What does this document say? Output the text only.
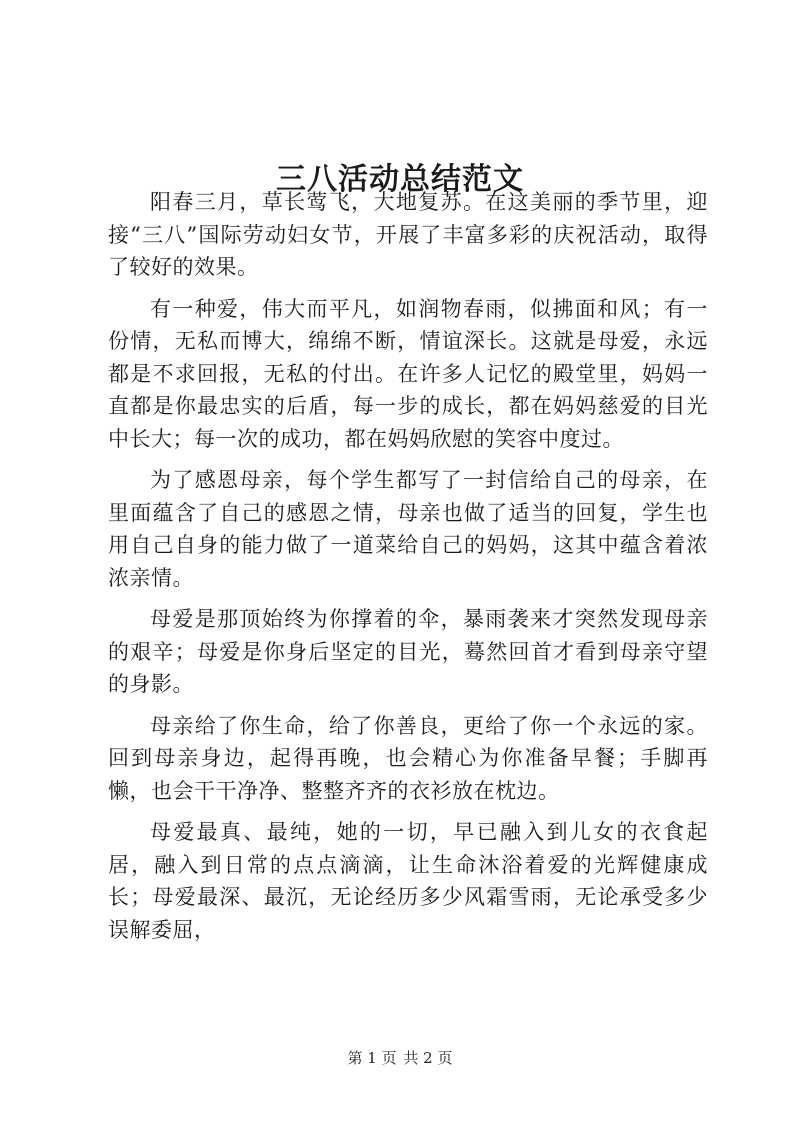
三八活动总结范文

阳春三月，草长莺飞，大地复苏。在这美丽的季节里，迎接“三八”国际劳动妇女节，开展了丰富多彩的庆祝活动，取得了较好的效果。

有一种爱，伟大而平凡，如润物春雨，似拂面和风；有一份情，无私而博大，绵绵不断，情谊深长。这就是母爱，永远都是不求回报，无私的付出。在许多人记忆的殿堂里，妈妈一直都是你最忠实的后盾，每一步的成长，都在妈妈慈爱的目光中长大；每一次的成功，都在妈妈欣慰的笑容中度过。

为了感恩母亲，每个学生都写了一封信给自己的母亲，在里面蕴含了自己的感恩之情，母亲也做了适当的回复，学生也用自己自身的能力做了一道菜给自己的妈妈，这其中蕴含着浓浓亲情。

母爱是那顶始终为你撑着的伞，暴雨袭来才突然发现母亲的艰辛；母爱是你身后坚定的目光，蓦然回首才看到母亲守望的身影。

母亲给了你生命，给了你善良，更给了你一个永远的家。回到母亲身边，起得再晚，也会精心为你准备早餐；手脚再懒，也会干干净净、整整齐齐的衣衫放在枕边。

母爱最真、最纯，她的一切，早已融入到儿女的衣食起居，融入到日常的点点滴滴，让生命沐浴着爱的光辉健康成长；母爱最深、最沉，无论经历多少风霜雪雨，无论承受多少误解委屈，

第 1 页 共 2 页
